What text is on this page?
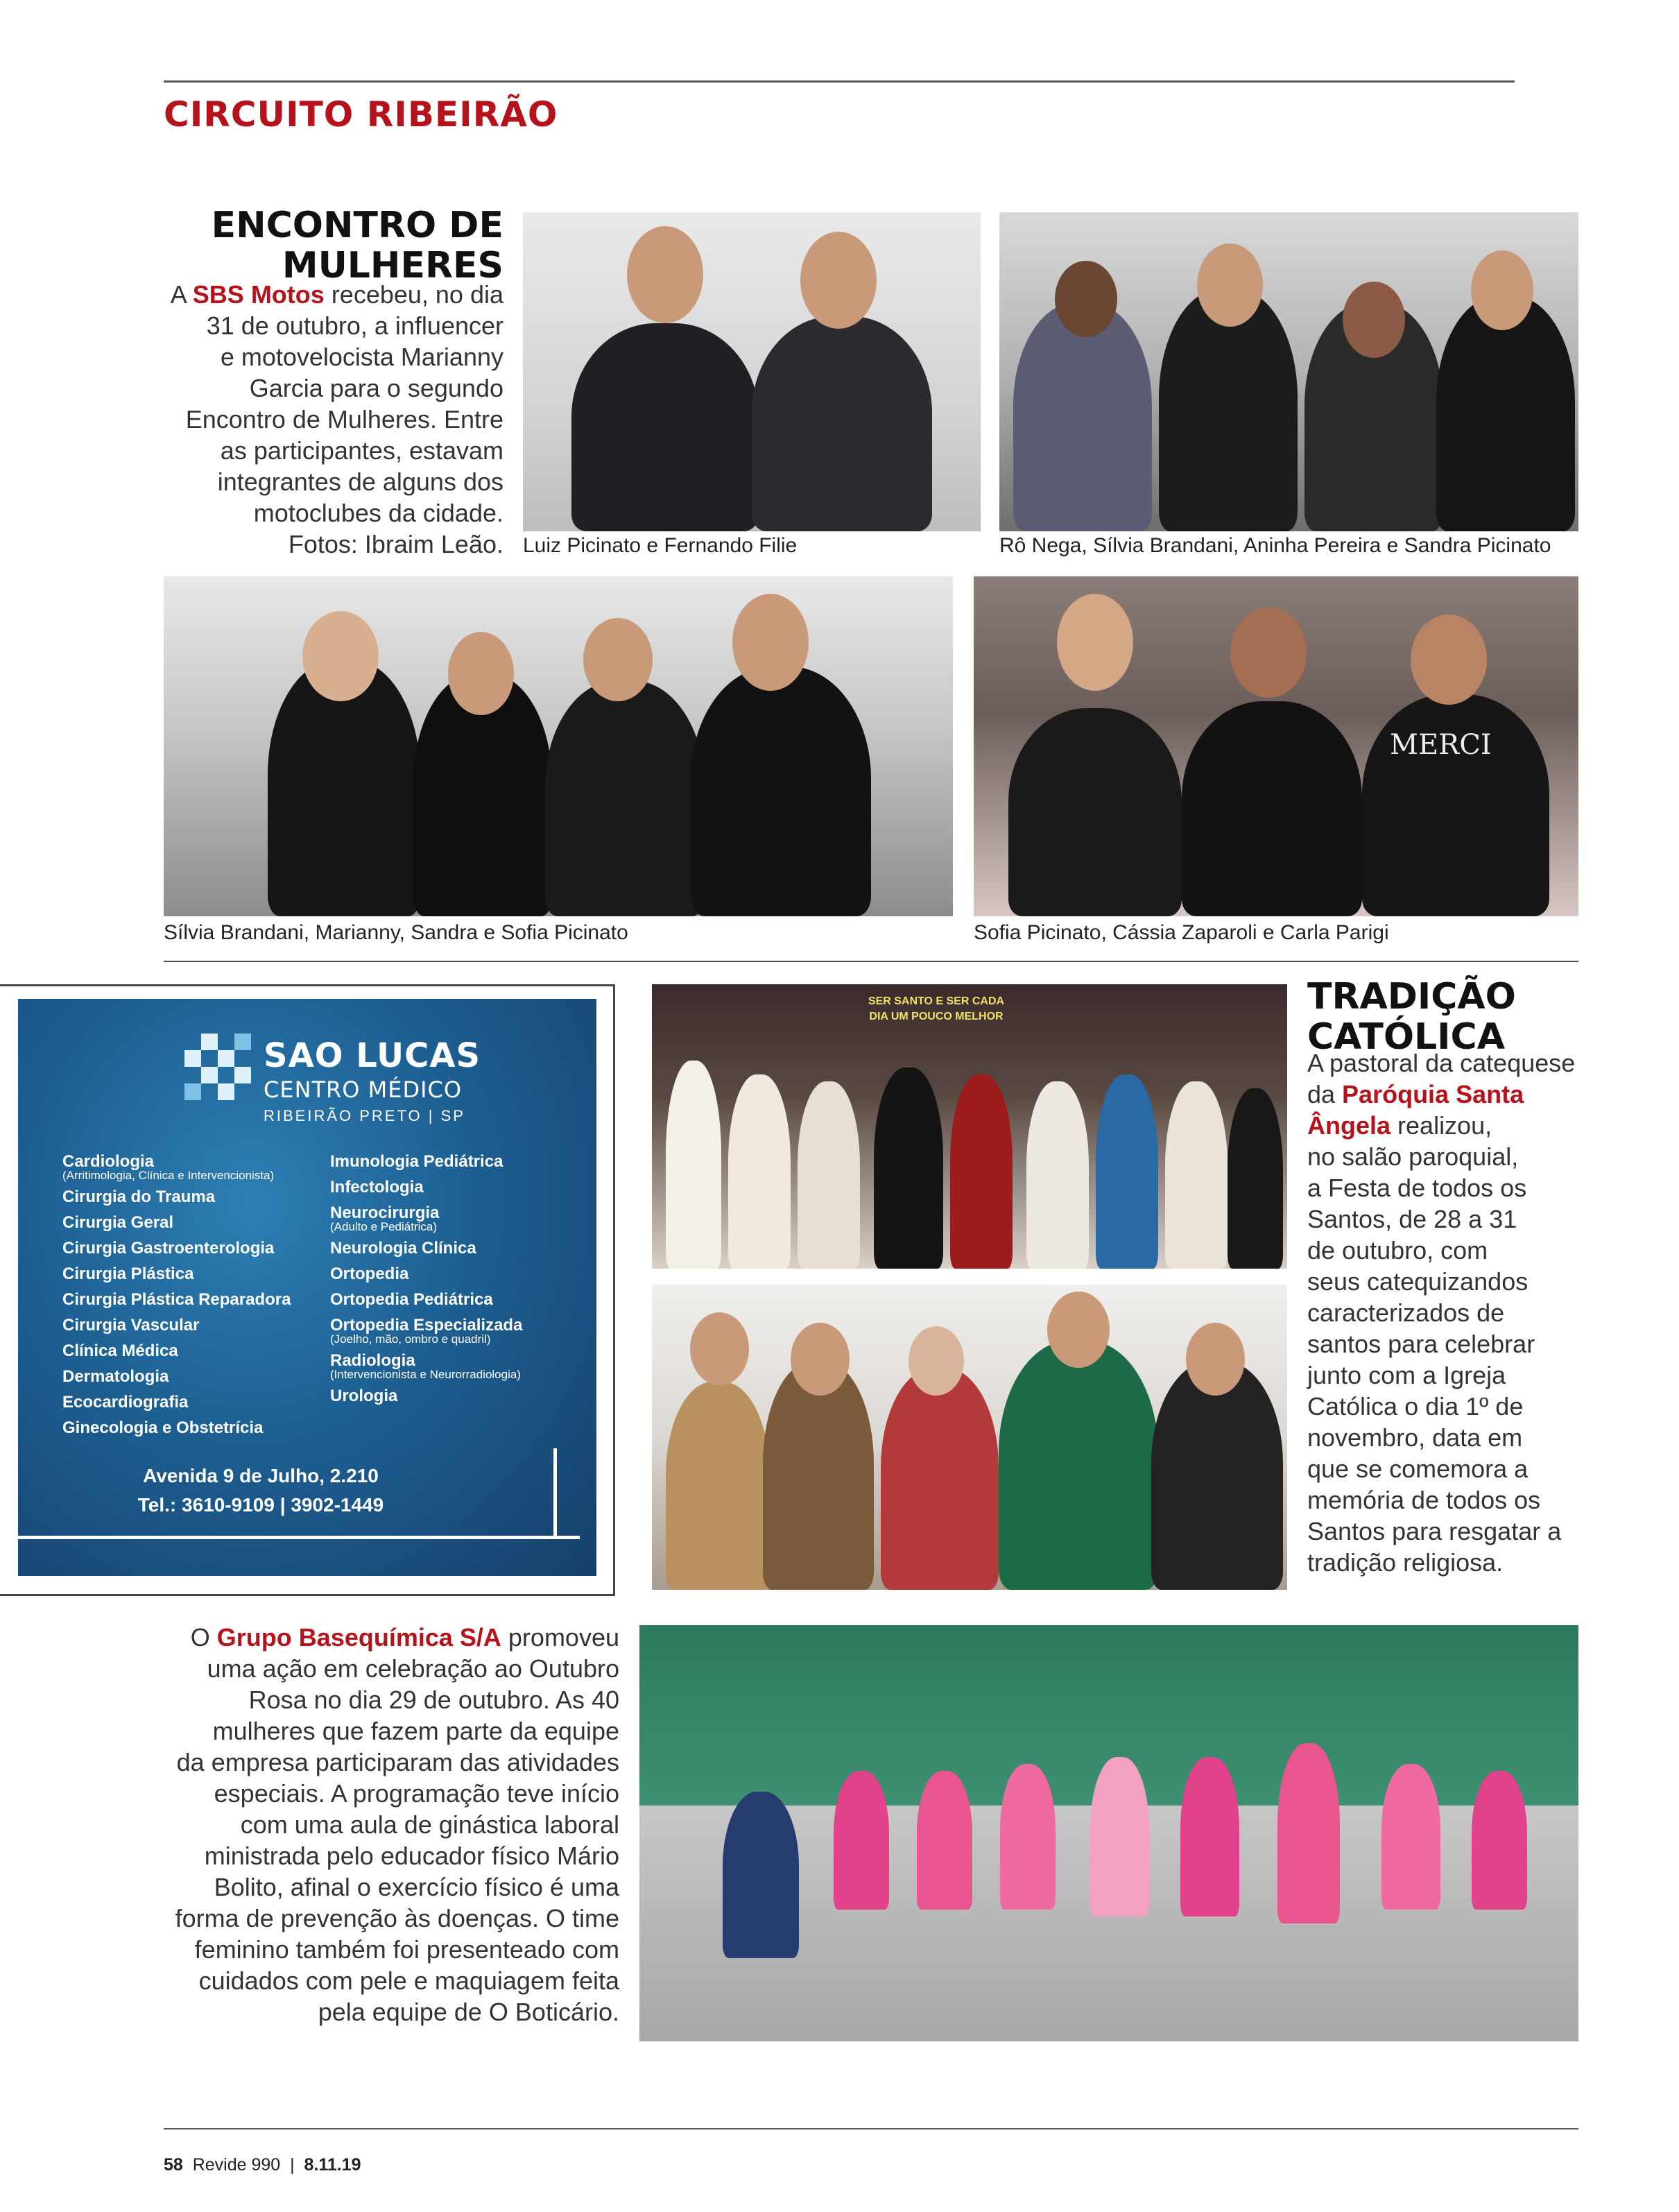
CIRCUITO RIBEIRÃO
ENCONTRO DE
MULHERES
A SBS Motos recebeu, no dia
31 de outubro, a influencer
e motovelocista Marianny
Garcia para o segundo
Encontro de Mulheres. Entre
as participantes, estavam
integrantes de alguns dos
motoclubes da cidade.
Fotos: Ibraim Leão. Luiz Picinato e Fernando Filie	Rô Nega, Sílvia Brandani, Aninha Pereira e Sandra Picinato
Sílvia Brandani, Marianny, Sandra e Sofia Picinato
MERCI
Sofia Picinato, Cássia Zaparoli e Carla Parigi
SAO LUCAS
CENTRO MÉDICO
RIBEIRÃO PRETO | SP
Cardiologia
(Arritimologia, Clínica e Intervencionista)
Cirurgia do Trauma
Cirurgia Geral
Cirurgia Gastroenterologia
Cirurgia Plástica
Cirurgia Plástica Reparadora
Cirurgia Vascular
Clínica Médica
Dermatologia
Ecocardiografia
Ginecologia e Obstetrícia
Imunologia Pediátrica
Infectologia
Neurocirurgia
(Adulto e Pediátrica)
Neurologia Clínica
Ortopedia
Ortopedia Pediátrica
Ortopedia Especializada
(Joelho, mão, ombro e quadril)
Radiologia
(Intervencionista e Neurorradiologia)
Urologia
Avenida 9 de Julho, 2.210
Tel.: 3610-9109 | 3902-1449
SER SANTO E SER CADA DIA UM POUCO MELHOR	TRADIÇÃO
CATÓLICA
A pastoral da catequese
da Paróquia Santa
Ângela realizou,
no salão paroquial,
a Festa de todos os
Santos, de 28 a 31
de outubro, com
seus catequizandos
caracterizados de
santos para celebrar
junto com a Igreja
Católica o dia 1º de
novembro, data em
que se comemora a
memória de todos os
Santos para resgatar a
tradição religiosa.
O Grupo Basequímica S/A promoveu
uma ação em celebração ao Outubro
Rosa no dia 29 de outubro. As 40
mulheres que fazem parte da equipe
da empresa participaram das atividades
especiais. A programação teve início
com uma aula de ginástica laboral
ministrada pelo educador físico Mário
Bolito, afinal o exercício físico é uma
forma de prevenção às doenças. O time
feminino também foi presenteado com
cuidados com pele e maquiagem feita
pela equipe de O Boticário.
58 Revide 990  |  8.11.19
